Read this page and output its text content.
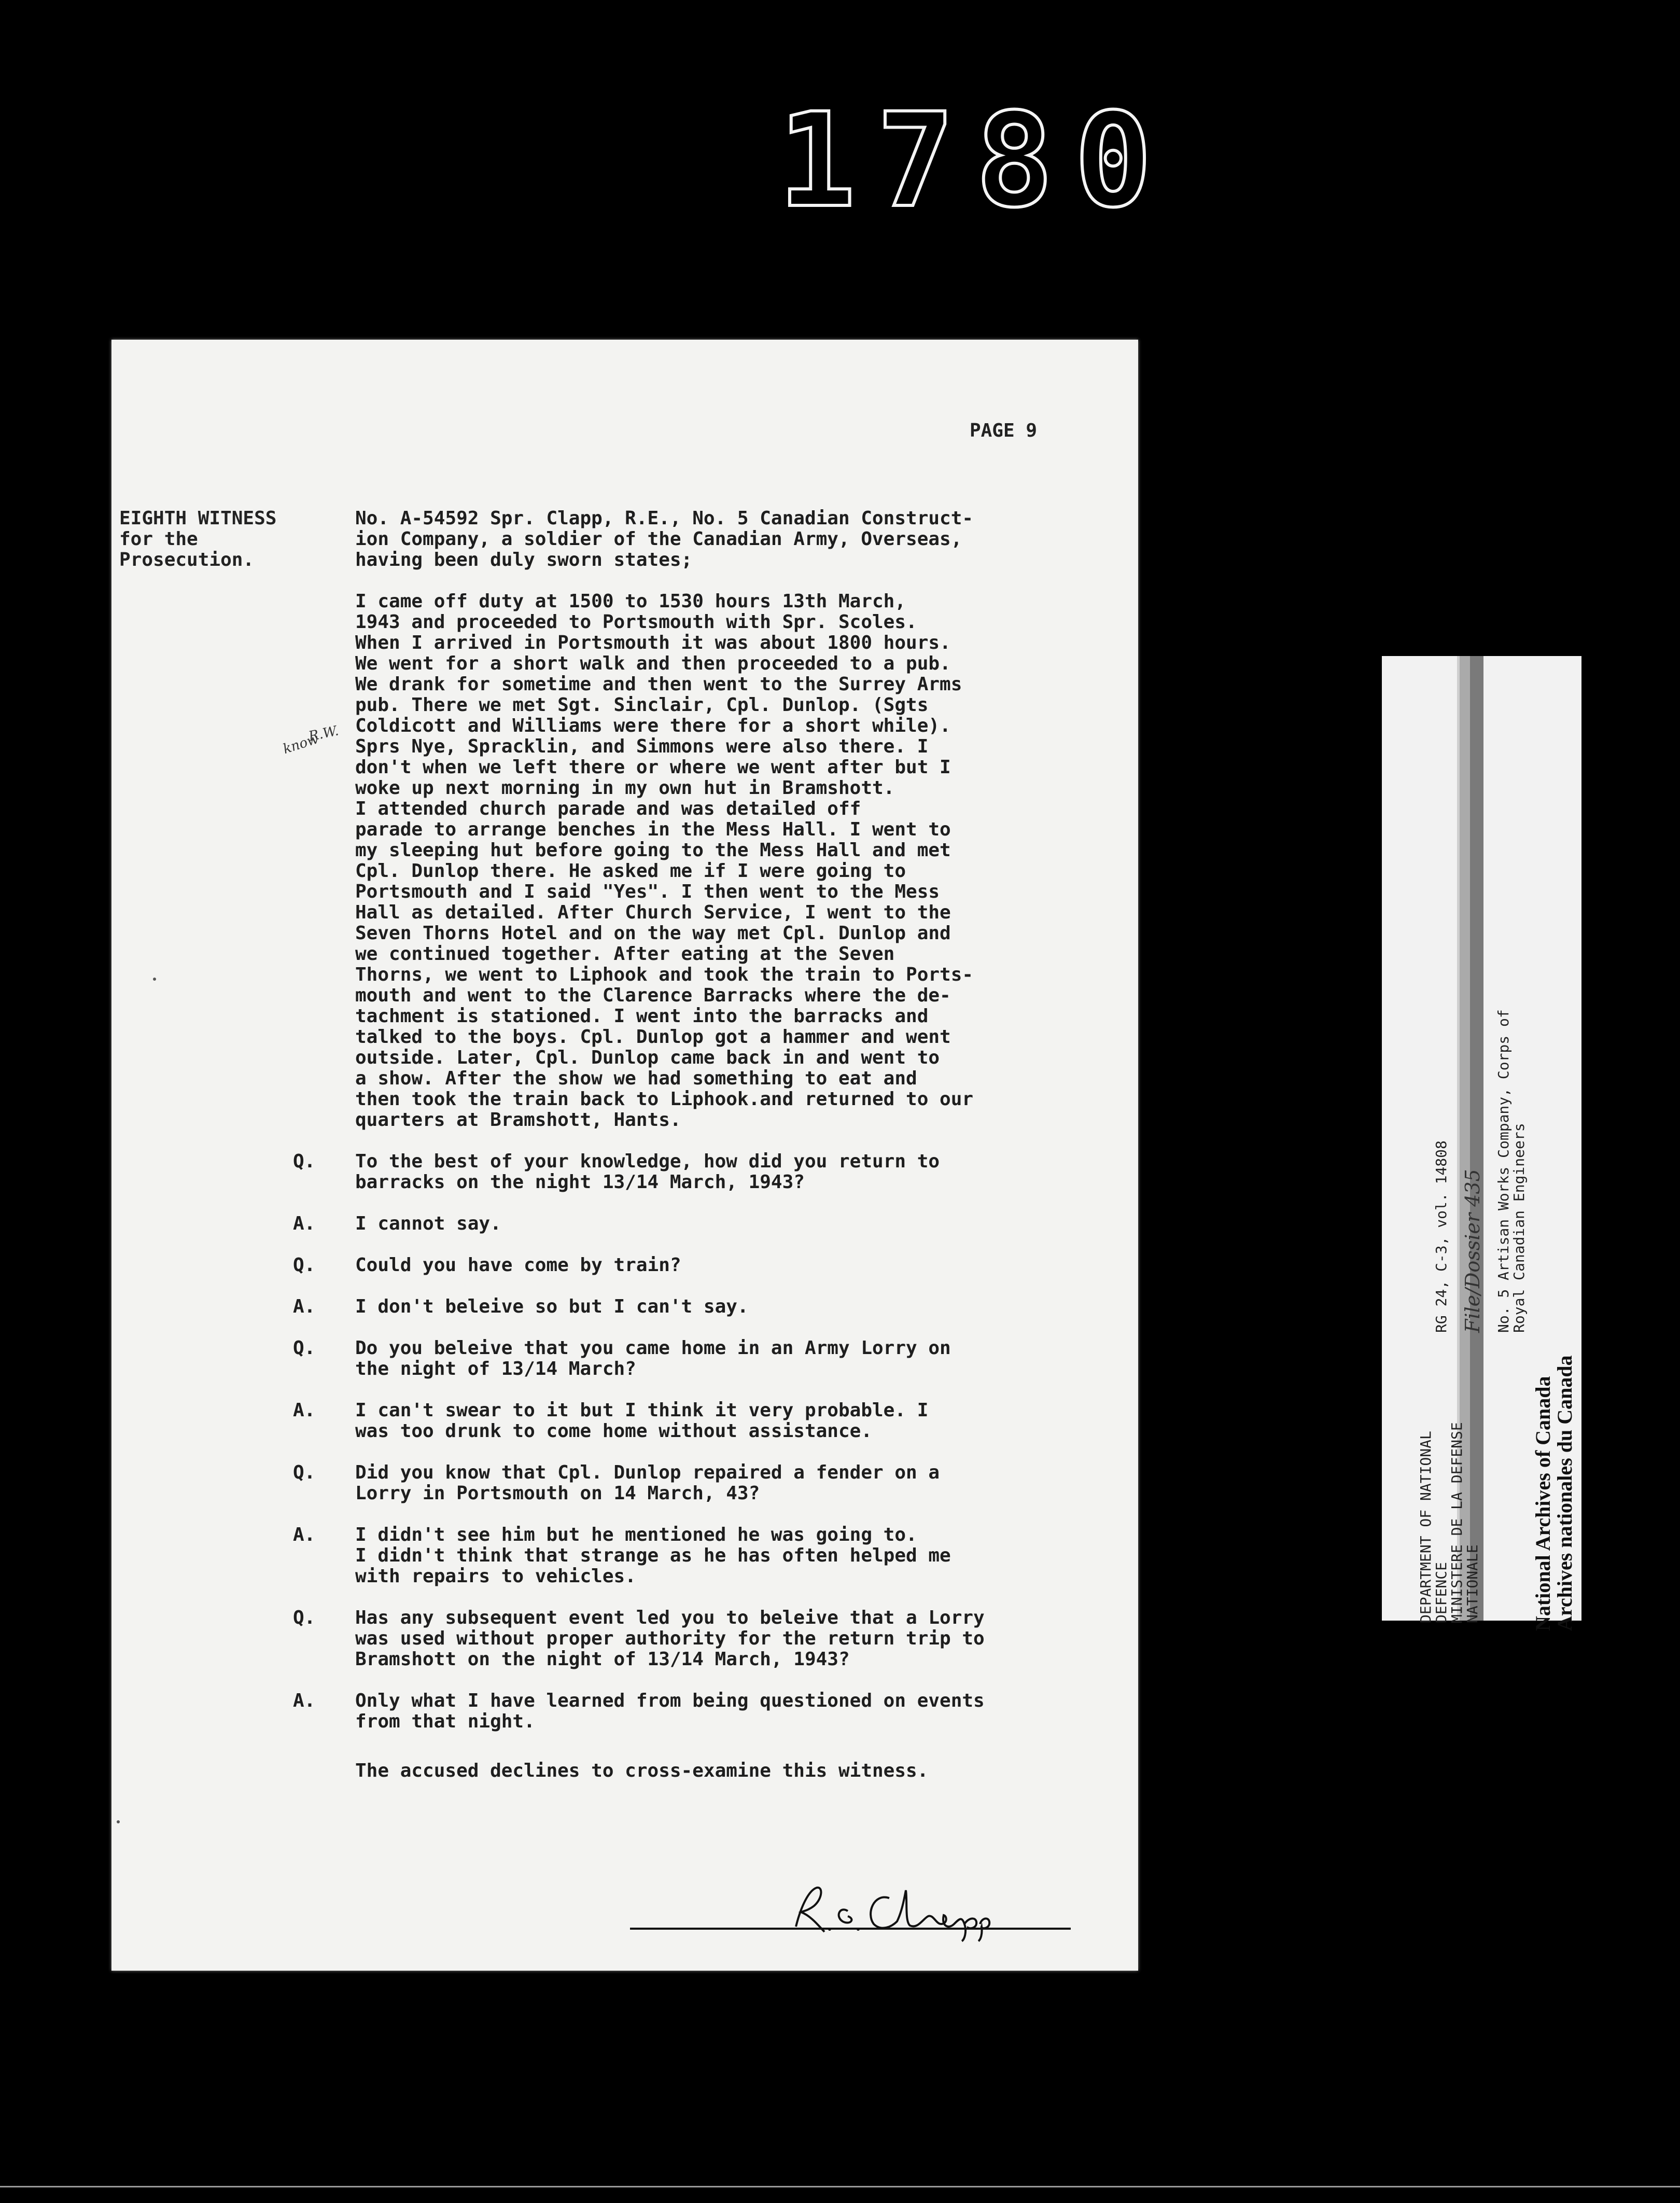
1780
PAGE 9
EIGHTH WITNESS
for the
Prosecution.
know
R.W.

No. A-54592 Spr. Clapp, R.E., No. 5 Canadian Construct-
ion Company, a soldier of the Canadian Army, Overseas,
having been duly sworn states;

I came off duty at 1500 to 1530 hours 13th March,
1943 and proceeded to Portsmouth with Spr. Scoles.
When I arrived in Portsmouth it was about 1800 hours.
We went for a short walk and then proceeded to a pub.
We drank for sometime and then went to the Surrey Arms
pub. There we met Sgt. Sinclair, Cpl. Dunlop. (Sgts
Coldicott and Williams were there for a short while).
Sprs Nye, Spracklin, and Simmons were also there. I
don't when we left there or where we went after but I
woke up next morning in my own hut in Bramshott.

I attended church parade and was detailed off
parade to arrange benches in the Mess Hall. I went to
my sleeping hut before going to the Mess Hall and met
Cpl. Dunlop there. He asked me if I were going to
Portsmouth and I said "Yes". I then went to the Mess
Hall as detailed. After Church Service, I went to the
Seven Thorns Hotel and on the way met Cpl. Dunlop and
we continued together. After eating at the Seven
Thorns, we went to Liphook and took the train to Ports-
mouth and went to the Clarence Barracks where the de-
tachment is stationed. I went into the barracks and
talked to the boys. Cpl. Dunlop got a hammer and went
outside. Later, Cpl. Dunlop came back in and went to
a show. After the show we had something to eat and
then took the train back to Liphook.and returned to our
quarters at Bramshott, Hants.

Q.	To the best of your knowledge, how did you return to
barracks on the night 13/14 March, 1943?

A.	I cannot say.

Q.	Could you have come by train?

A.	I don't beleive so but I can't say.

Q.	Do you beleive that you came home in an Army Lorry on
the night of 13/14 March?

A.	I can't swear to it but I think it very probable. I
was too drunk to come home without assistance.

Q.	Did you know that Cpl. Dunlop repaired a fender on a
Lorry in Portsmouth on 14 March, 43?

A.	I didn't see him but he mentioned he was going to.
I didn't think that strange as he has often helped me
with repairs to vehicles.

Q.	Has any subsequent event led you to beleive that a Lorry
was used without proper authority for the return trip to
Bramshott on the night of 13/14 March, 1943?

A.	Only what I have learned from being questioned on events
from that night.

The accused declines to cross-examine this witness.

DEPARTMENT OF NATIONAL
DEFENCE
MINISTERE DE LA DEFENSE
NATIONALE

RG 24, C-3, vol. 14808 File/Dossier 435 No. 5 Artisan Works Company, Corps of
Royal Canadian Engineers

National Archives of Canada
Archives nationales du Canada
